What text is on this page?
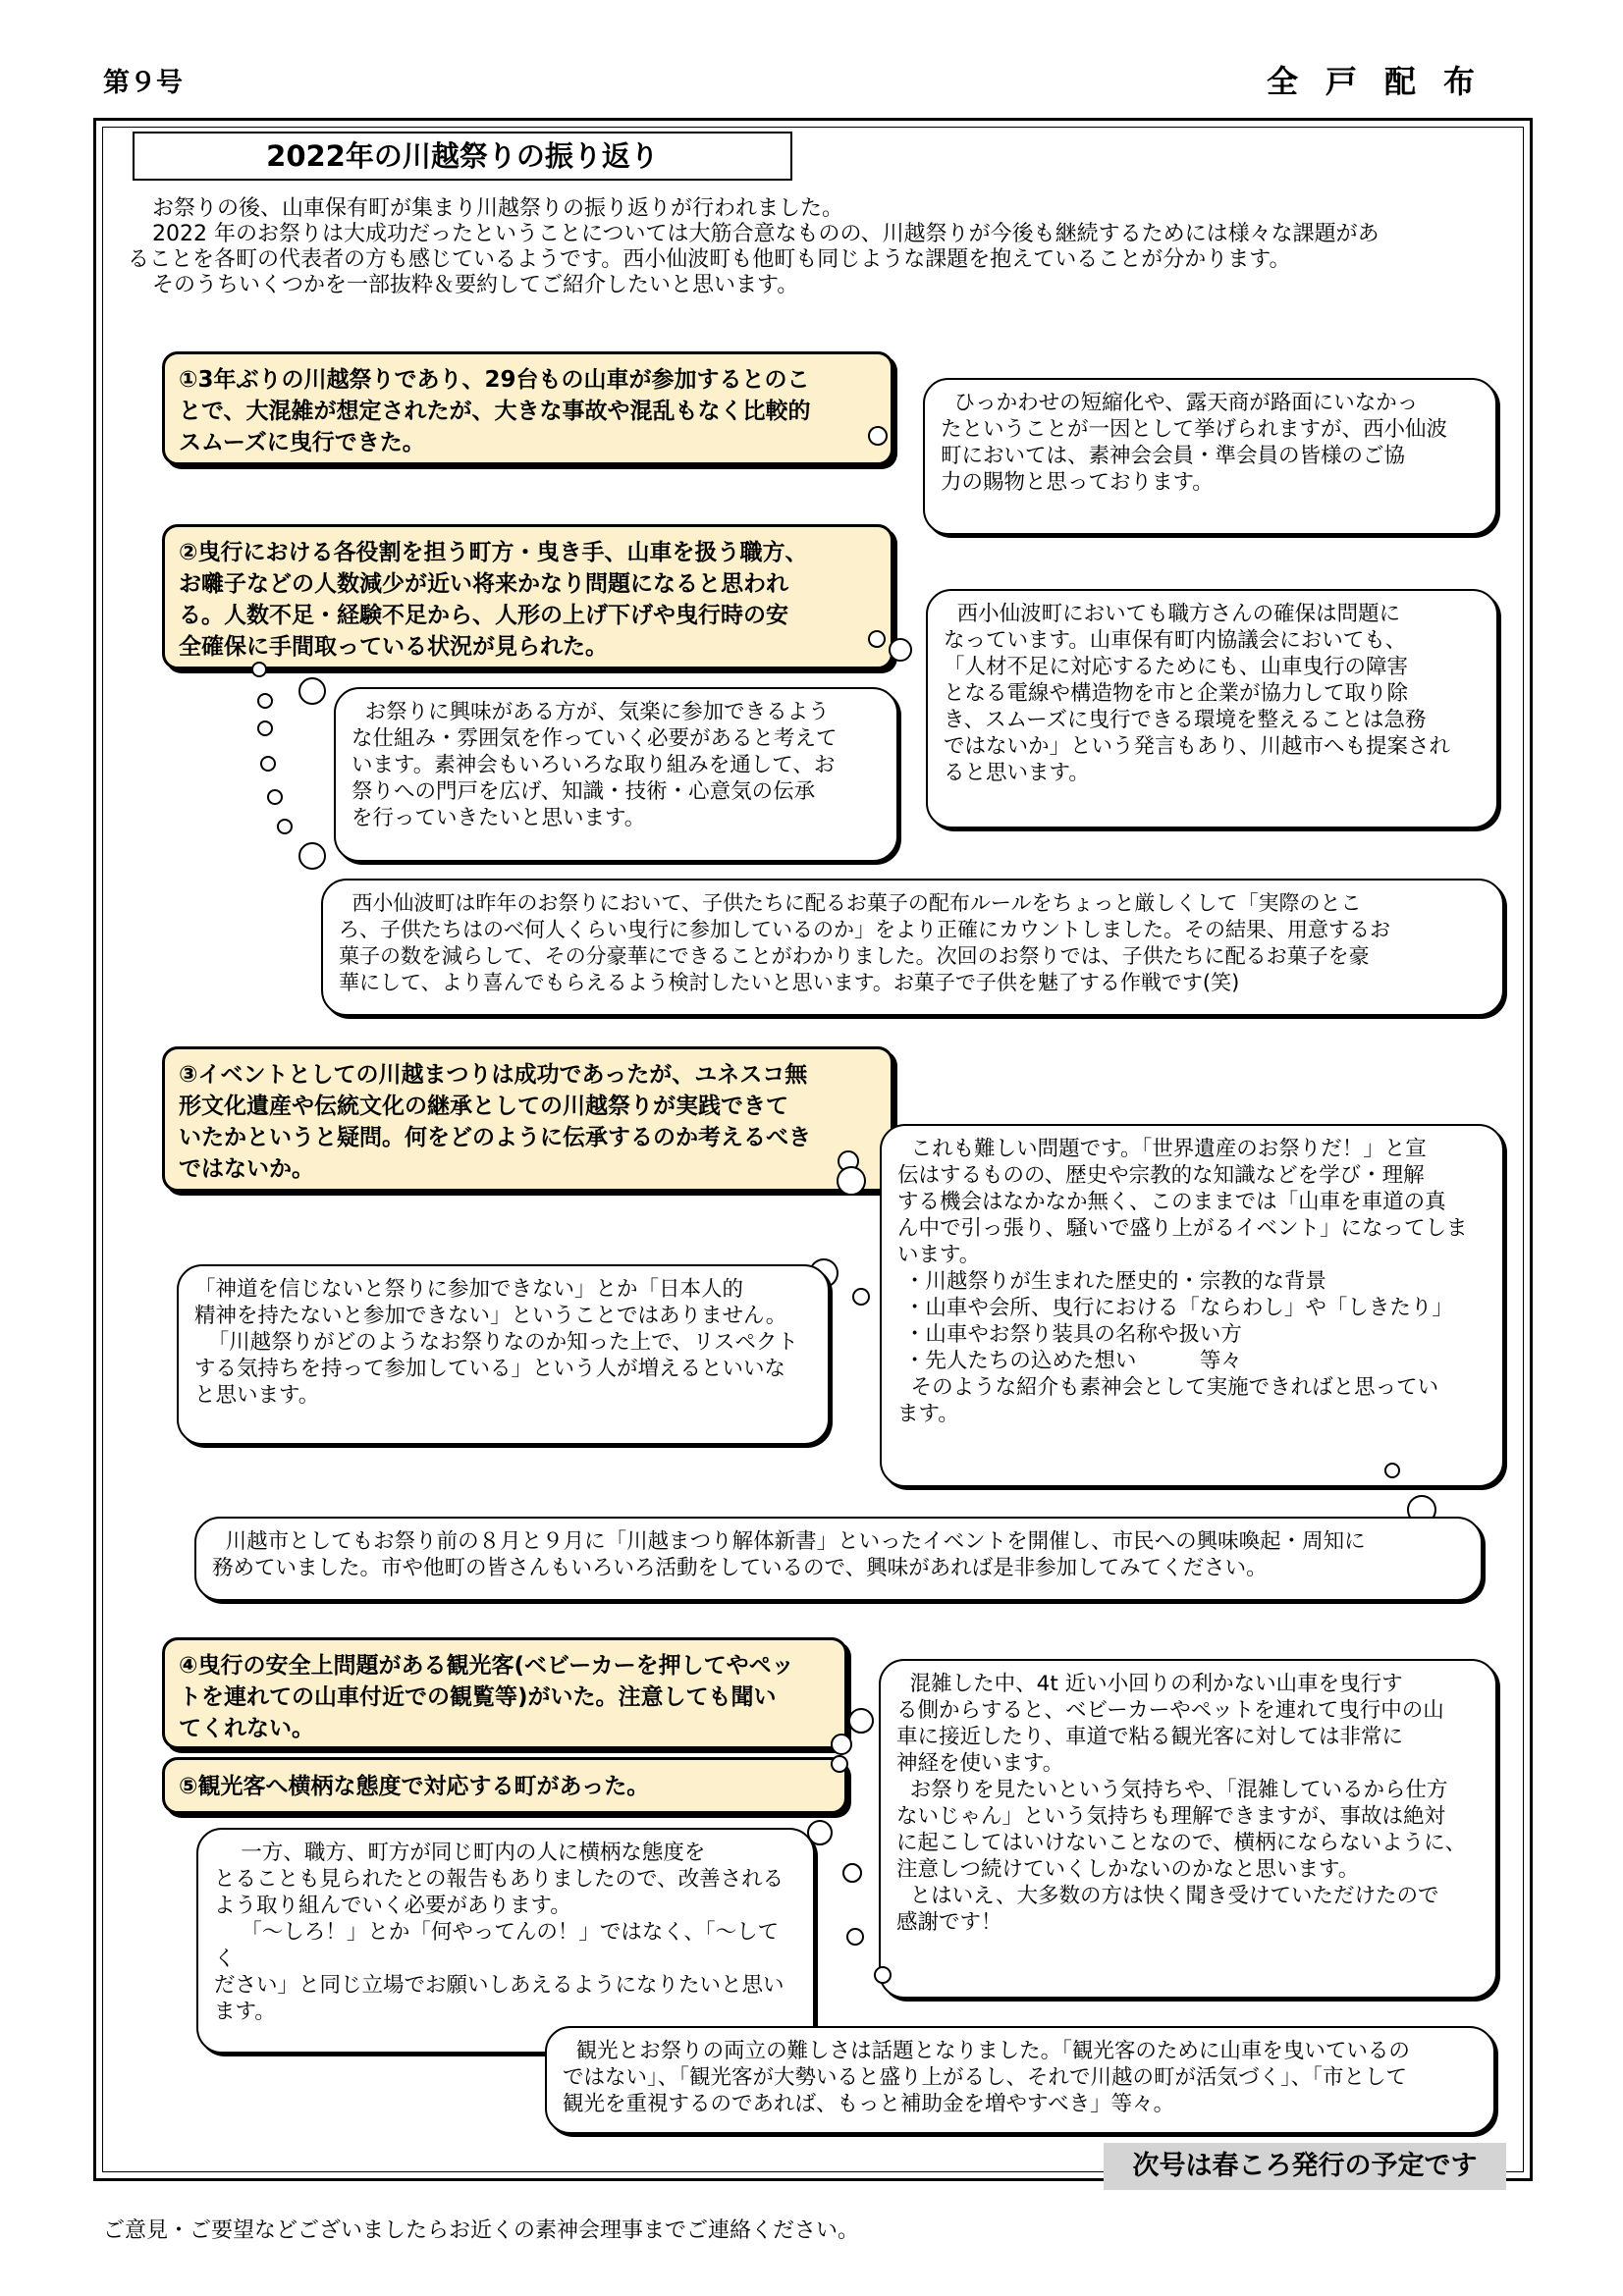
第９号	全戸配布
2022年の川越祭りの振り返り
お祭りの後、山車保有町が集まり川越祭りの振り返りが行われました。
2022 年のお祭りは大成功だったということについては大筋合意なものの、川越祭りが今後も継続するためには様々な課題があ
ることを各町の代表者の方も感じているようです。西小仙波町も他町も同じような課題を抱えていることが分かります。
そのうちいくつかを一部抜粋＆要約してご紹介したいと思います。
①3年ぶりの川越祭りであり、29台もの山車が参加するとのこ
とで、大混雑が想定されたが、大きな事故や混乱もなく比較的
スムーズに曳行できた。
ひっかわせの短縮化や、露天商が路面にいなかっ
たということが一因として挙げられますが、西小仙波
町においては、素神会会員・準会員の皆様のご協
力の賜物と思っております。
②曳行における各役割を担う町方・曳き手、山車を扱う職方、
お囃子などの人数減少が近い将来かなり問題になると思われ
る。人数不足・経験不足から、人形の上げ下げや曳行時の安
全確保に手間取っている状況が見られた。
西小仙波町においても職方さんの確保は問題に
なっています。山車保有町内協議会においても、
「人材不足に対応するためにも、山車曳行の障害
となる電線や構造物を市と企業が協力して取り除
き、スムーズに曳行できる環境を整えることは急務
ではないか」という発言もあり、川越市へも提案され
ると思います。
お祭りに興味がある方が、気楽に参加できるよう
な仕組み・雰囲気を作っていく必要があると考えて
います。素神会もいろいろな取り組みを通して、お
祭りへの門戸を広げ、知識・技術・心意気の伝承
を行っていきたいと思います。
西小仙波町は昨年のお祭りにおいて、子供たちに配るお菓子の配布ルールをちょっと厳しくして「実際のとこ
ろ、子供たちはのべ何人くらい曳行に参加しているのか」をより正確にカウントしました。その結果、用意するお
菓子の数を減らして、その分豪華にできることがわかりました。次回のお祭りでは、子供たちに配るお菓子を豪
華にして、より喜んでもらえるよう検討したいと思います。お菓子で子供を魅了する作戦です(笑)
③イベントとしての川越まつりは成功であったが、ユネスコ無
形文化遺産や伝統文化の継承としての川越祭りが実践できて
いたかというと疑問。何をどのように伝承するのか考えるべき
ではないか。
これも難しい問題です。「世界遺産のお祭りだ！」と宣
伝はするものの、歴史や宗教的な知識などを学び・理解
する機会はなかなか無く、このままでは「山車を車道の真
ん中で引っ張り、騒いで盛り上がるイベント」になってしま
います。
・川越祭りが生まれた歴史的・宗教的な背景
・山車や会所、曳行における「ならわし」や「しきたり」
・山車やお祭り装具の名称や扱い方
・先人たちの込めた想い　　　等々
そのような紹介も素神会として実施できればと思ってい
ます。
「神道を信じないと祭りに参加できない」とか「日本人的
精神を持たないと参加できない」ということではありません。
「川越祭りがどのようなお祭りなのか知った上で、リスペクト
する気持ちを持って参加している」という人が増えるといいな
と思います。
川越市としてもお祭り前の８月と９月に「川越まつり解体新書」といったイベントを開催し、市民への興味喚起・周知に
務めていました。市や他町の皆さんもいろいろ活動をしているので、興味があれば是非参加してみてください。
④曳行の安全上問題がある観光客(ベビーカーを押してやペッ
トを連れての山車付近での観覧等)がいた。注意しても聞い
てくれない。
⑤観光客へ横柄な態度で対応する町があった。
混雑した中、4t 近い小回りの利かない山車を曳行す
る側からすると、ベビーカーやペットを連れて曳行中の山
車に接近したり、車道で粘る観光客に対しては非常に
神経を使います。
お祭りを見たいという気持ちや、「混雑しているから仕方
ないじゃん」という気持ちも理解できますが、事故は絶対
に起こしてはいけないことなので、横柄にならないように、
注意しつ続けていくしかないのかなと思います。
とはいえ、大多数の方は快く聞き受けていただけたので
感謝です！
一方、職方、町方が同じ町内の人に横柄な態度を
とることも見られたとの報告もありましたので、改善される
よう取り組んでいく必要があります。
「～しろ！」とか「何やってんの！」ではなく、「～してく
ださい」と同じ立場でお願いしあえるようになりたいと思い
ます。
観光とお祭りの両立の難しさは話題となりました。「観光客のために山車を曳いているの
ではない」、「観光客が大勢いると盛り上がるし、それで川越の町が活気づく」、「市として
観光を重視するのであれば、もっと補助金を増やすべき」等々。
次号は春ころ発行の予定です
ご意見・ご要望などございましたらお近くの素神会理事までご連絡ください。
